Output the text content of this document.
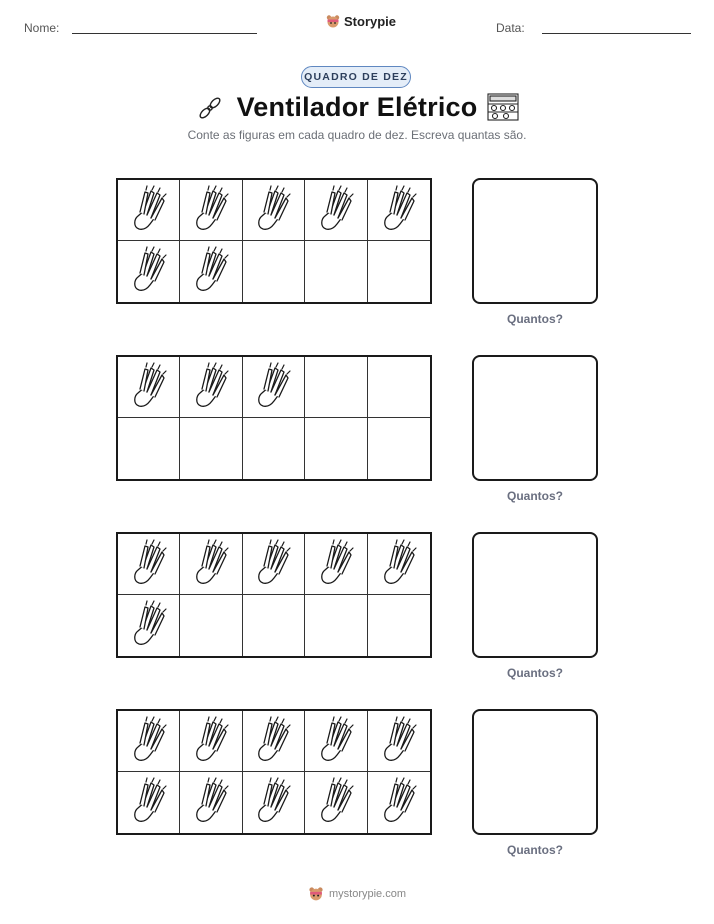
Nome:	Storypie	Data:
QUADRO DE DEZ
Ventilador Elétrico
Conte as figuras em cada quadro de dez. Escreva quantas são.
Quantos?
Quantos?
Quantos?
Quantos?
mystorypie.com
